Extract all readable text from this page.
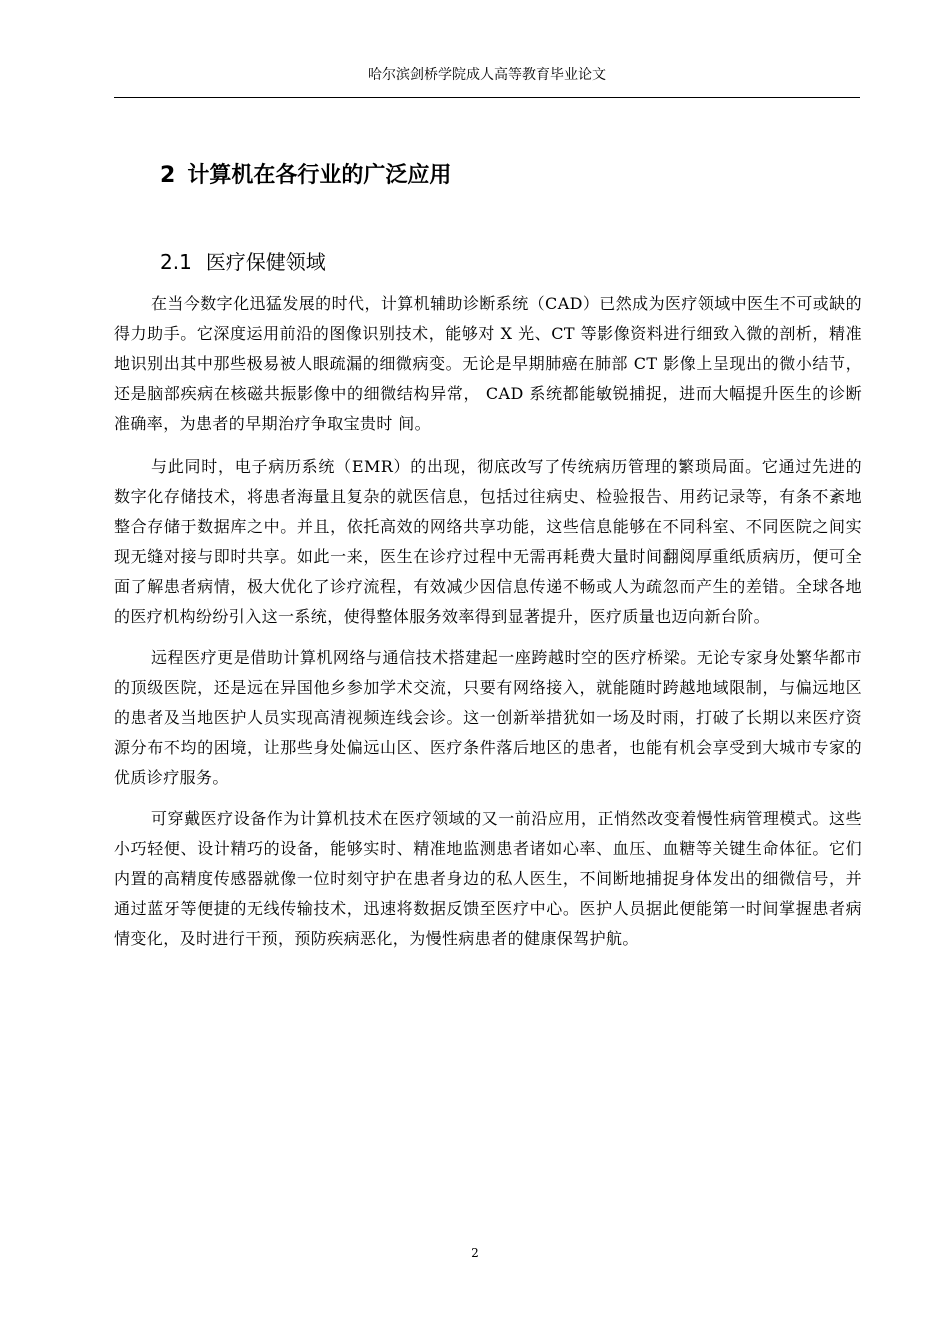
哈尔滨剑桥学院成人高等教育毕业论文
2 计算机在各行业的广泛应用
2.1 医疗保健领域

在当今数字化迅猛发展的时代，计算机辅助诊断系统（CAD）已然成为医疗领域中医生不可或缺的得力助手。它深度运用前沿的图像识别技术，能够对 X 光、CT 等影像资料进行细致入微的剖析，精准地识别出其中那些极易被人眼疏漏的细微病变。无论是早期肺癌在肺部 CT 影像上呈现出的微小结节，还是脑部疾病在核磁共振影像中的细微结构异常， CAD 系统都能敏锐捕捉，进而大幅提升医生的诊断准确率，为患者的早期治疗争取宝贵时 间。

与此同时，电子病历系统（EMR）的出现，彻底改写了传统病历管理的繁琐局面。它通过先进的数字化存储技术，将患者海量且复杂的就医信息，包括过往病史、检验报告、用药记录等，有条不紊地整合存储于数据库之中。并且，依托高效的网络共享功能，这些信息能够在不同科室、不同医院之间实现无缝对接与即时共享。如此一来，医生在诊疗过程中无需再耗费大量时间翻阅厚重纸质病历，便可全面了解患者病情，极大优化了诊疗流程，有效减少因信息传递不畅或人为疏忽而产生的差错。全球各地的医疗机构纷纷引入这一系统，使得整体服务效率得到显著提升，医疗质量也迈向新台阶。

远程医疗更是借助计算机网络与通信技术搭建起一座跨越时空的医疗桥梁。无论专家身处繁华都市的顶级医院，还是远在异国他乡参加学术交流，只要有网络接入，就能随时跨越地域限制，与偏远地区的患者及当地医护人员实现高清视频连线会诊。这一创新举措犹如一场及时雨，打破了长期以来医疗资源分布不均的困境，让那些身处偏远山区、医疗条件落后地区的患者，也能有机会享受到大城市专家的优质诊疗服务。

可穿戴医疗设备作为计算机技术在医疗领域的又一前沿应用，正悄然改变着慢性病管理模式。这些小巧轻便、设计精巧的设备，能够实时、精准地监测患者诸如心率、血压、血糖等关键生命体征。它们内置的高精度传感器就像一位时刻守护在患者身边的私人医生，不间断地捕捉身体发出的细微信号，并通过蓝牙等便捷的无线传输技术，迅速将数据反馈至医疗中心。医护人员据此便能第一时间掌握患者病情变化，及时进行干预，预防疾病恶化，为慢性病患者的健康保驾护航。

2
